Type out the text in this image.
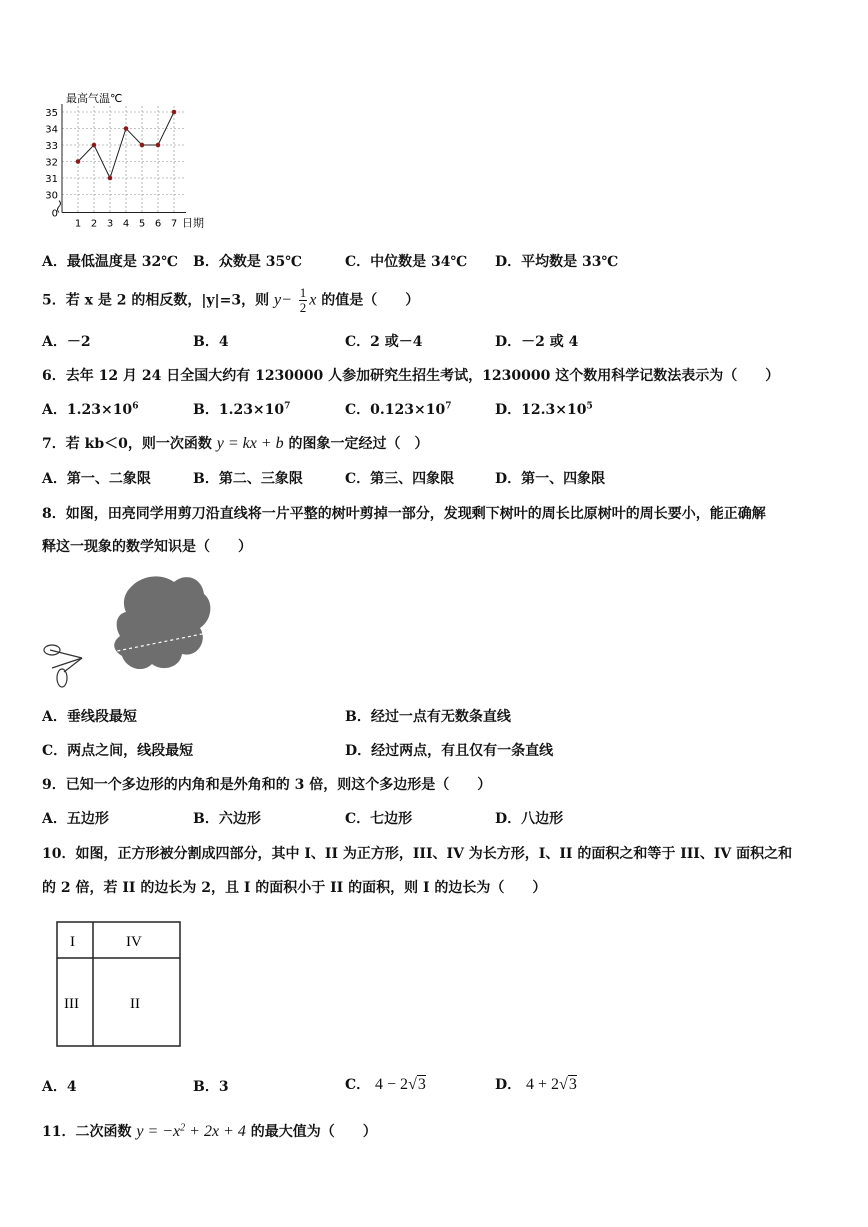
35
34
33
32
31
30
0
1 2 3 4 5 6 7
最高气温℃
日期
A．最低温度是 32℃ B．众数是 35℃	C．中位数是 34℃ D．平均数是 33℃
5．若 x 是 2 的相反数，|y|=3，则 $y- \frac{1}{2}$ x 的值是（　　）
A．－2	B．4	C．2 或－4	D．－2 或 4
6．去年 12 月 24 日全国大约有 1230000 人参加研究生招生考试，1230000 这个数用科学记数法表示为（　　）
A．$1.23\times 10^6$	B．$1.23\times 10^7$	C．$0.123\times 10^7$	D．$12.3\times 10^5$
7．若 kb＜0，则一次函数 y = kx + b 的图象一定经过（　）
A．第一、二象限	B．第二、三象限	C．第三、四象限	D．第一、四象限
8．如图，田亮同学用剪刀沿直线将一片平整的树叶剪掉一部分，发现剩下树叶的周长比原树叶的周长要小，能正确解
释这一现象的数学知识是（　　）
A．垂线段最短	B．经过一点有无数条直线
C．两点之间，线段最短	D．经过两点，有且仅有一条直线
9．已知一个多边形的内角和是外角和的 3 倍，则这个多边形是（　　）
A．五边形	B．六边形	C．七边形	D．八边形
10．如图，正方形被分割成四部分，其中 I、II 为正方形，III、IV 为长方形，I、II 的面积之和等于 III、IV 面积之和
的 2 倍，若 II 的边长为 2，且 I 的面积小于 II 的面积，则 I 的边长为（　　）
I	IV
III	II
A．4	B．3	C． 4 − 2√3	D． 4 + 2√3
11．二次函数 $y = -x^2 + 2x + 4$ 的最大值为（　　）
